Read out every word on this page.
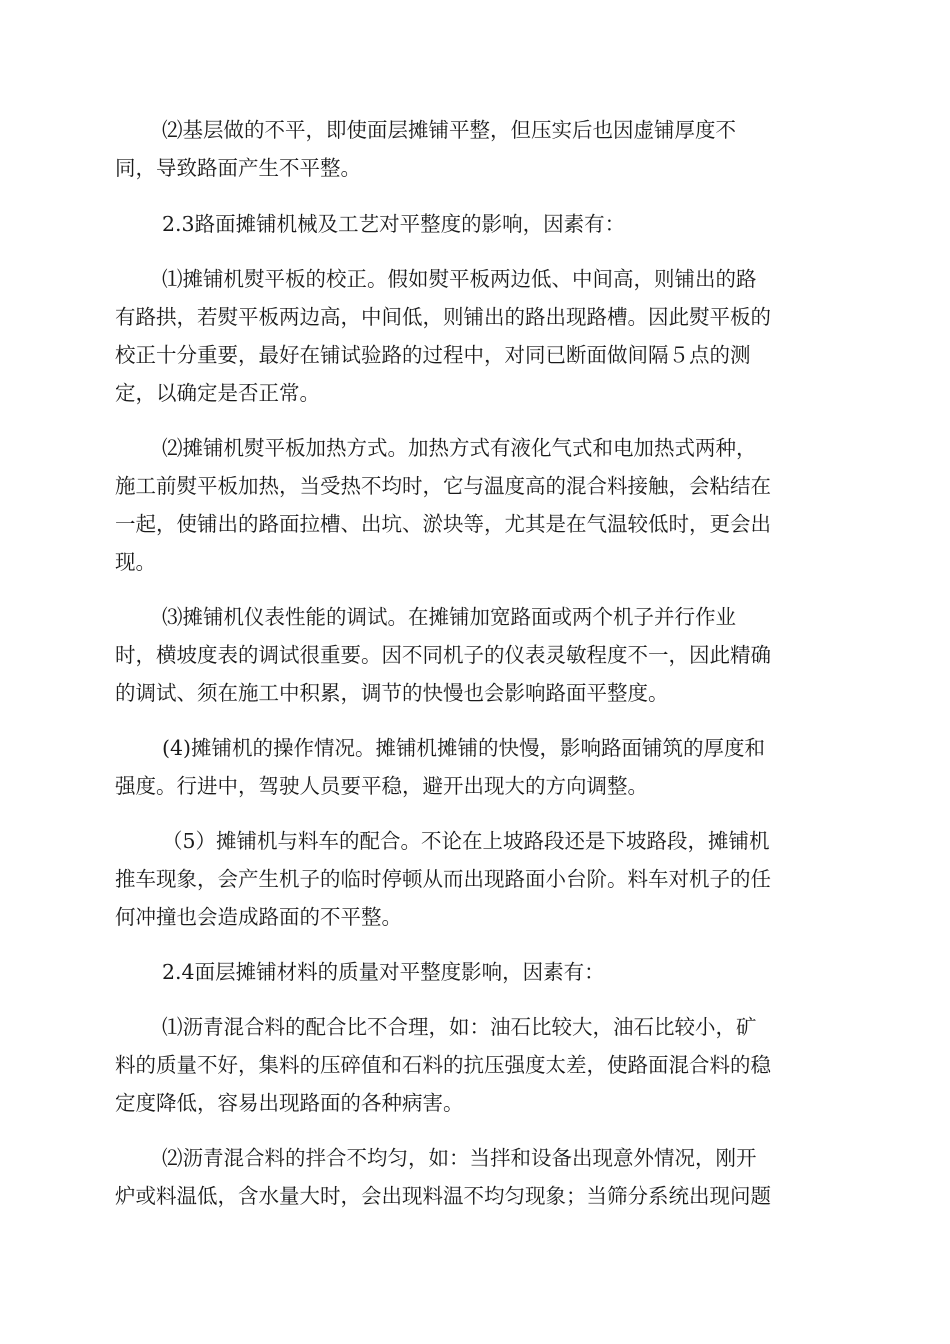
⑵基层做的不平，即使面层摊铺平整，但压实后也因虚铺厚度不
同，导致路面产生不平整。
2.3路面摊铺机械及工艺对平整度的影响，因素有：
⑴摊铺机熨平板的校正。假如熨平板两边低、中间高，则铺出的路
有路拱，若熨平板两边高，中间低，则铺出的路出现路槽。因此熨平板的
校正十分重要，最好在铺试验路的过程中，对同已断面做间隔５点的测
定，以确定是否正常。
⑵摊铺机熨平板加热方式。加热方式有液化气式和电加热式两种，
施工前熨平板加热，当受热不均时，它与温度高的混合料接触，会粘结在
一起，使铺出的路面拉槽、出坑、淤块等，尤其是在气温较低时，更会出
现。
⑶摊铺机仪表性能的调试。在摊铺加宽路面或两个机子并行作业
时，横坡度表的调试很重要。因不同机子的仪表灵敏程度不一，因此精确
的调试、须在施工中积累，调节的快慢也会影响路面平整度。
(4)摊铺机的操作情况。摊铺机摊铺的快慢，影响路面铺筑的厚度和
强度。行进中，驾驶人员要平稳，避开出现大的方向调整。
（5）摊铺机与料车的配合。不论在上坡路段还是下坡路段，摊铺机
推车现象，会产生机子的临时停顿从而出现路面小台阶。料车对机子的任
何冲撞也会造成路面的不平整。
2.4面层摊铺材料的质量对平整度影响，因素有：
⑴沥青混合料的配合比不合理，如：油石比较大，油石比较小，矿
料的质量不好，集料的压碎值和石料的抗压强度太差，使路面混合料的稳
定度降低，容易出现路面的各种病害。
⑵沥青混合料的拌合不均匀，如：当拌和设备出现意外情况，刚开
炉或料温低，含水量大时，会出现料温不均匀现象；当筛分系统出现问题
